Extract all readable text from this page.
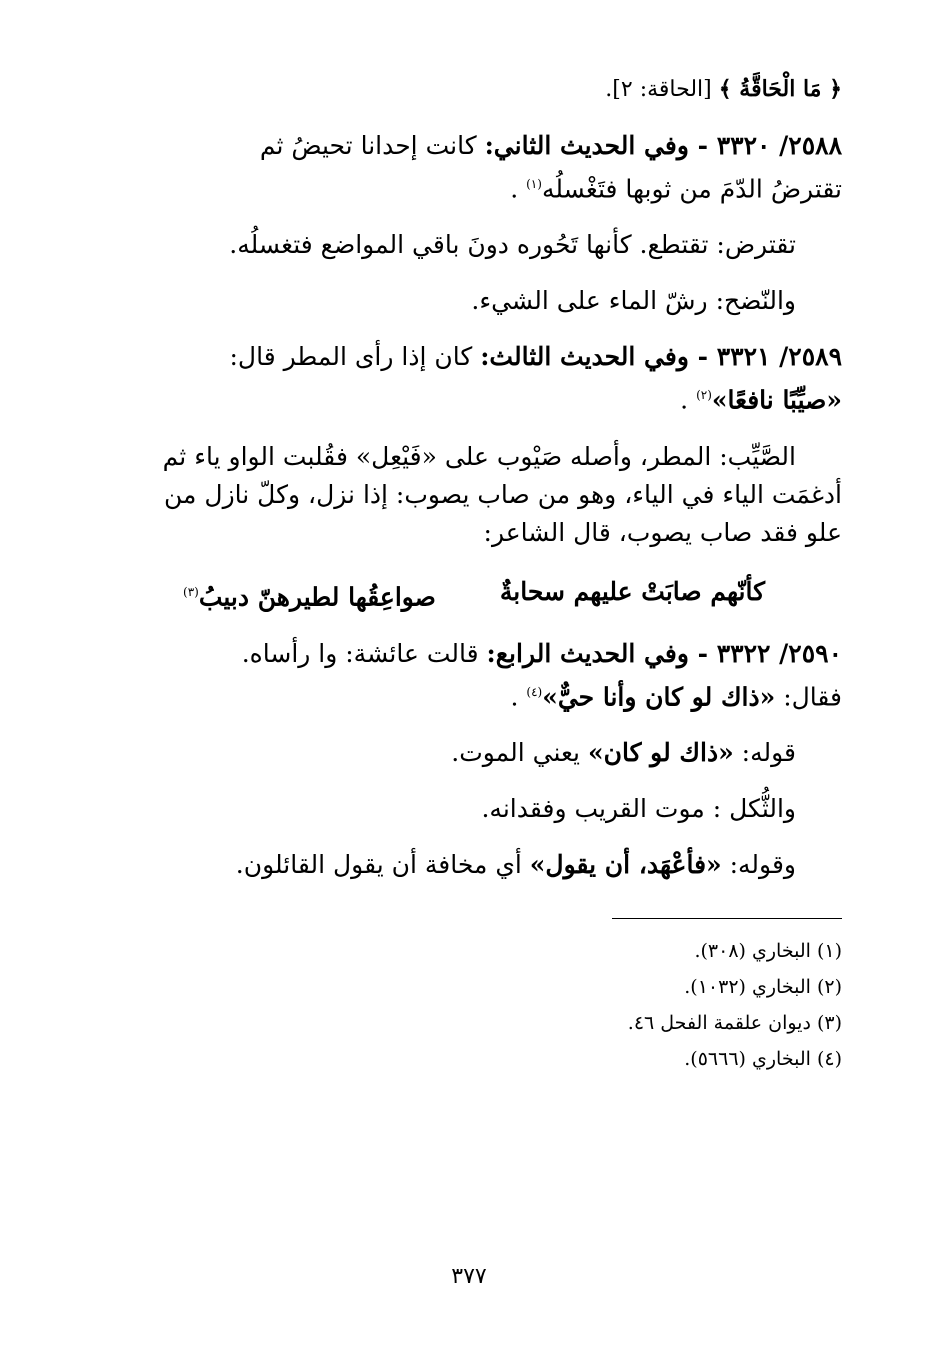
﴿ مَا الْحَاقَّةُ ﴾ [الحاقة: ٢].
٢٥٨٨/ ٣٣٢٠ - وفي الحديث الثاني: كانت إحدانا تحيضُ ثم
تقترضُ الدّمَ من ثوبها فتَغْسلُه$^{(١)}$ .
تقترض: تقتطع. كأنها تَحُوره دونَ باقي المواضع فتغسلُه.
والنّضح: رشّ الماء على الشيء.
٢٥٨٩/ ٣٣٢١ - وفي الحديث الثالث: كان إذا رأى المطر قال:
«صيِّبًا نافعًا»$^{(٢)}$ .
الصَّيِّب: المطر، وأصله صَيْوب على «فَيْعِل» فقُلبت الواو ياء ثم
أدغمَت الياء في الياء، وهو من صاب يصوب: إذا نزل، وكلّ نازل من
علو فقد صاب يصوب، قال الشاعر:
كأنّهم صابَتْ عليهم سحابةٌ
صواعِقُها لطيرهنّ دبيبُ$^{(٣)}$
٢٥٩٠/ ٣٣٢٢ - وفي الحديث الرابع: قالت عائشة: وا رأساه.
فقال: «ذاك لو كان وأنا حيٌّ»$^{(٤)}$ .
قوله: «ذاك لو كان» يعني الموت.
والثُّكل : موت القريب وفقدانه.
وقوله: «فأعْهَد، أن يقول» أي مخافة أن يقول القائلون.
(١) البخاري (٣٠٨).
(٢) البخاري (١٠٣٢).
(٣) ديوان علقمة الفحل ٤٦.
(٤) البخاري (٥٦٦٦).
٣٧٧
